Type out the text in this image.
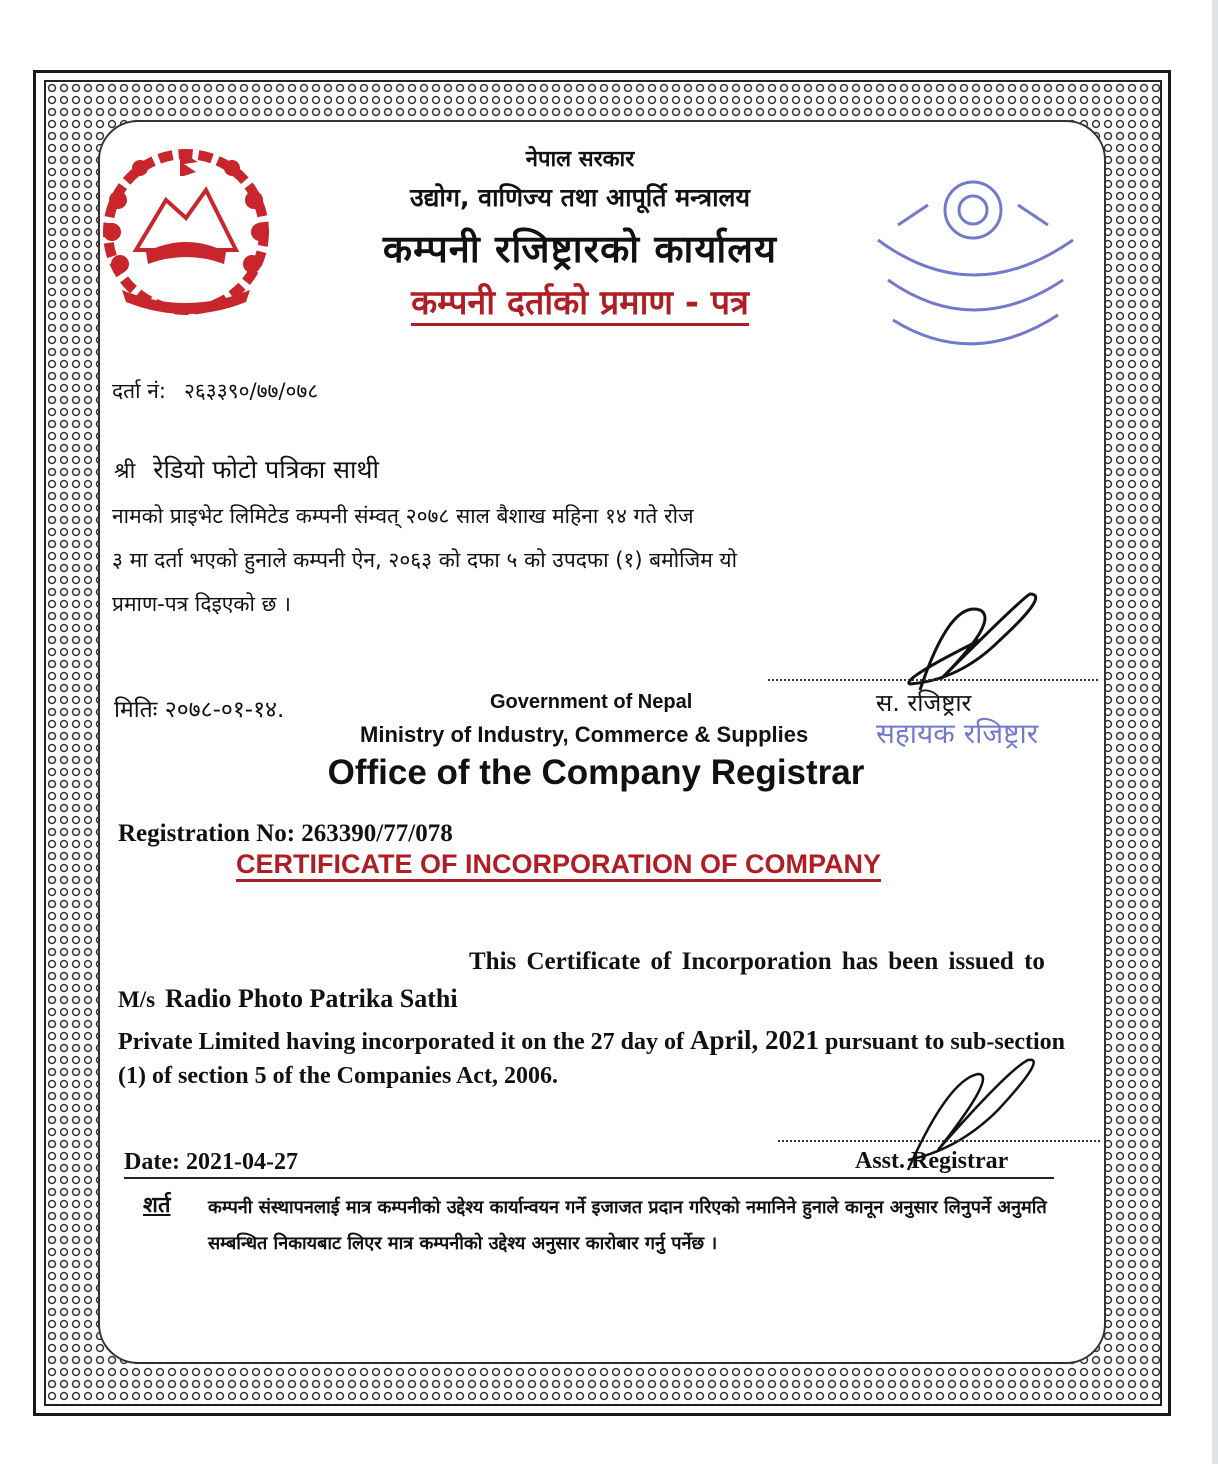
नेपाल सरकार
उद्योग, वाणिज्य तथा आपूर्ति मन्त्रालय
कम्पनी रजिष्ट्रारको कार्यालय
कम्पनी दर्ताको प्रमाण - पत्र
दर्ता नं: २६३३९०/७७/०७८
श्री रेडियो फोटो पत्रिका साथी

नामको प्राइभेट लिमिटेड कम्पनी संम्वत् २०७८ साल बैशाख महिना १४ गते रोज

३ मा दर्ता भएको हुनाले कम्पनी ऐन, २०६३ को दफा ५ को उपदफा (१) बमोजिम यो

प्रमाण-पत्र दिइएको छ ।

मितिः २०७८-०१-१४.	स. रजिष्ट्रार
सहायक रजिष्ट्रार
Government of Nepal
Ministry of Industry, Commerce & Supplies
Office of the Company Registrar
Registration No: 263390/77/078
CERTIFICATE OF INCORPORATION OF COMPANY
This Certificate of Incorporation has been issued to
M/s Radio Photo Patrika Sathi
Private Limited having incorporated it on the 27 day of April, 2021 pursuant to sub-section (1) of section 5 of the Companies Act, 2006.
Date: 2021-04-27	Asst. Registrar
शर्त कम्पनी संस्थापनलाई मात्र कम्पनीको उद्देश्य कार्यान्वयन गर्ने इजाजत प्रदान गरिएको नमानिने हुनाले कानून अनुसार लिनुपर्ने अनुमति सम्बन्धित निकायबाट लिएर मात्र कम्पनीको उद्देश्य अनुसार कारोबार गर्नु पर्नेछ ।
